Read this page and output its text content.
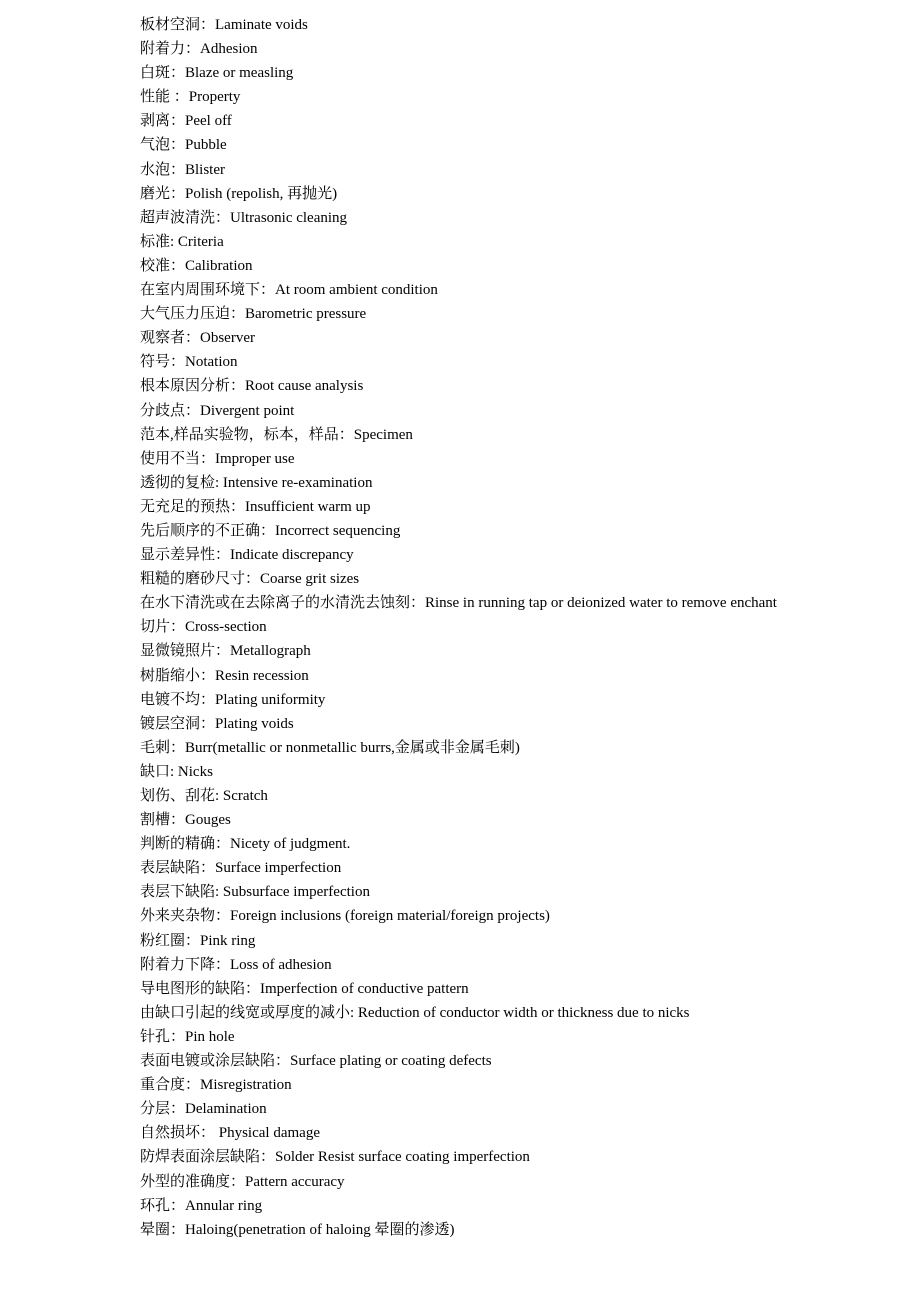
板材空洞：Laminate voids
附着力：Adhesion
白斑：Blaze or measling
性能 ：Property
剥离：Peel off
气泡：Pubble
水泡：Blister
磨光：Polish (repolish, 再抛光)
超声波清洗：Ultrasonic cleaning
标准: Criteria
校准：Calibration
在室内周围环境下：At room ambient condition
大气压力压迫：Barometric pressure
观察者：Observer
符号：Notation
根本原因分析：Root cause analysis
分歧点：Divergent point
范本,样品实验物，标本，样品：Specimen
使用不当：Improper use
透彻的复检: Intensive re-examination
无充足的预热：Insufficient warm up
先后顺序的不正确：Incorrect sequencing
显示差异性：Indicate discrepancy
粗糙的磨砂尺寸：Coarse grit sizes
在水下清洗或在去除离子的水清洗去蚀刻：Rinse in running tap or deionized water to remove enchant
切片：Cross-section
显微镜照片：Metallograph
树脂缩小：Resin recession
电镀不均：Plating uniformity
镀层空洞：Plating voids
毛刺：Burr(metallic or nonmetallic burrs,金属或非金属毛刺)
缺口: Nicks
划伤、刮花: Scratch
割槽：Gouges
判断的精确：Nicety of judgment.
表层缺陷：Surface imperfection
表层下缺陷: Subsurface imperfection
外来夹杂物：Foreign inclusions (foreign material/foreign projects)
粉红圈：Pink ring
附着力下降：Loss of adhesion
导电图形的缺陷：Imperfection of conductive pattern
由缺口引起的线宽或厚度的减小: Reduction of conductor width or thickness due to nicks
针孔：Pin hole
表面电镀或涂层缺陷：Surface plating or coating defects
重合度：Misregistration
分层：Delamination
自然损坏： Physical damage
防焊表面涂层缺陷：Solder Resist surface coating imperfection
外型的准确度：Pattern accuracy
环孔：Annular ring
晕圈：Haloing(penetration of haloing 晕圈的渗透)
